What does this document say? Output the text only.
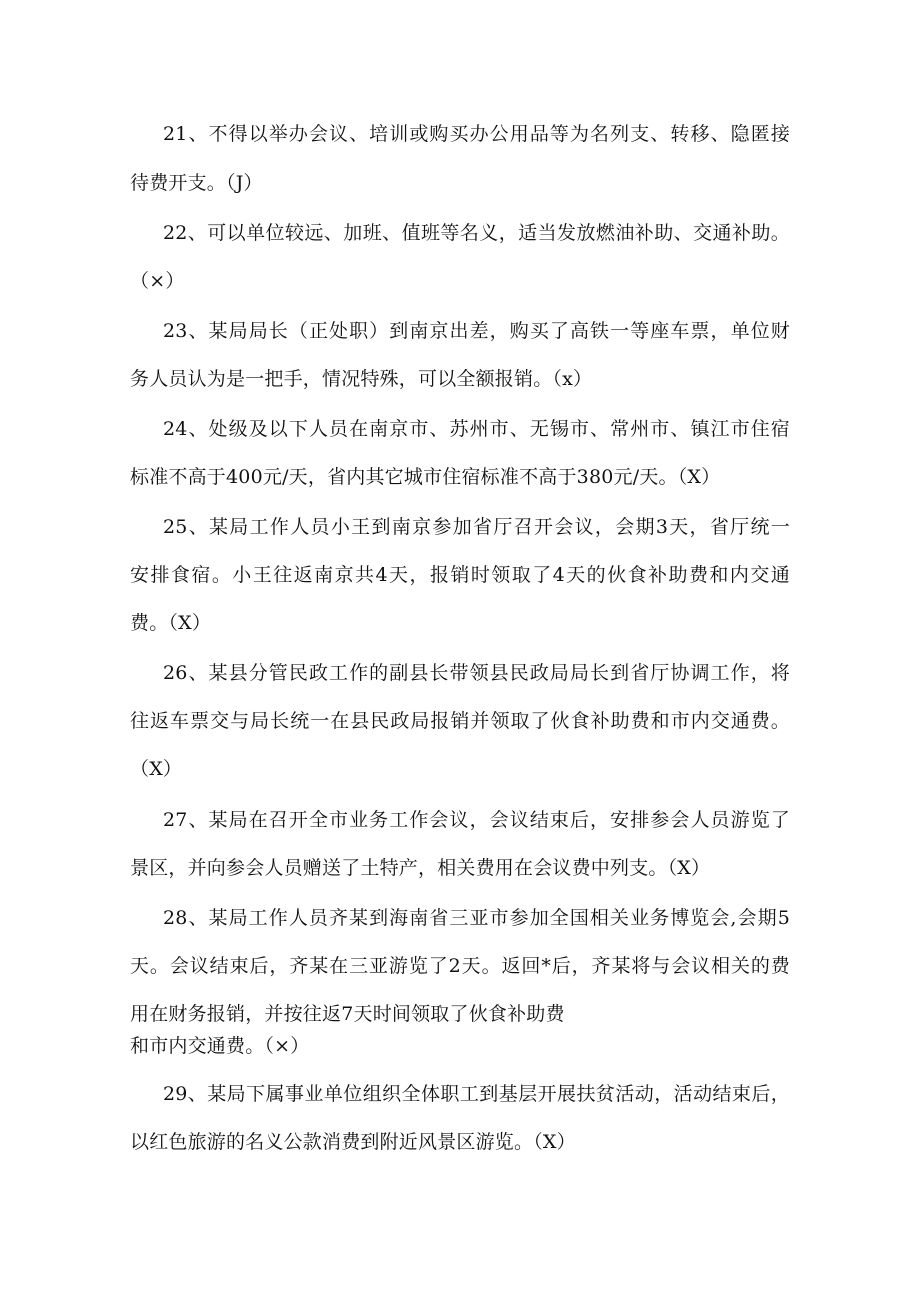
21、不得以举办会议、培训或购买办公用品等为名列支、转移、隐匿接
待费开支。（J）
22、可以单位较远、加班、值班等名义，适当发放燃油补助、交通补助。
（×）
23、某局局长（正处职）到南京出差，购买了高铁一等座车票，单位财
务人员认为是一把手，情况特殊，可以全额报销。（x）
24、处级及以下人员在南京市、苏州市、无锡市、常州市、镇江市住宿
标准不高于400元/天，省内其它城市住宿标准不高于380元/天。（X）
25、某局工作人员小王到南京参加省厅召开会议，会期3天，省厅统一
安排食宿。小王往返南京共4天，报销时领取了4天的伙食补助费和内交通
费。（X）
26、某县分管民政工作的副县长带领县民政局局长到省厅协调工作，将
往返车票交与局长统一在县民政局报销并领取了伙食补助费和市内交通费。
（X）
27、某局在召开全市业务工作会议，会议结束后，安排参会人员游览了
景区，并向参会人员赠送了土特产，相关费用在会议费中列支。（X）
28、某局工作人员齐某到海南省三亚市参加全国相关业务博览会,会期5
天。会议结束后，齐某在三亚游览了2天。返回*后，齐某将与会议相关的费
用在财务报销，并按往返7天时间领取了伙食补助费
和市内交通费。（×）
29、某局下属事业单位组织全体职工到基层开展扶贫活动，活动结束后，
以红色旅游的名义公款消费到附近风景区游览。（X）
